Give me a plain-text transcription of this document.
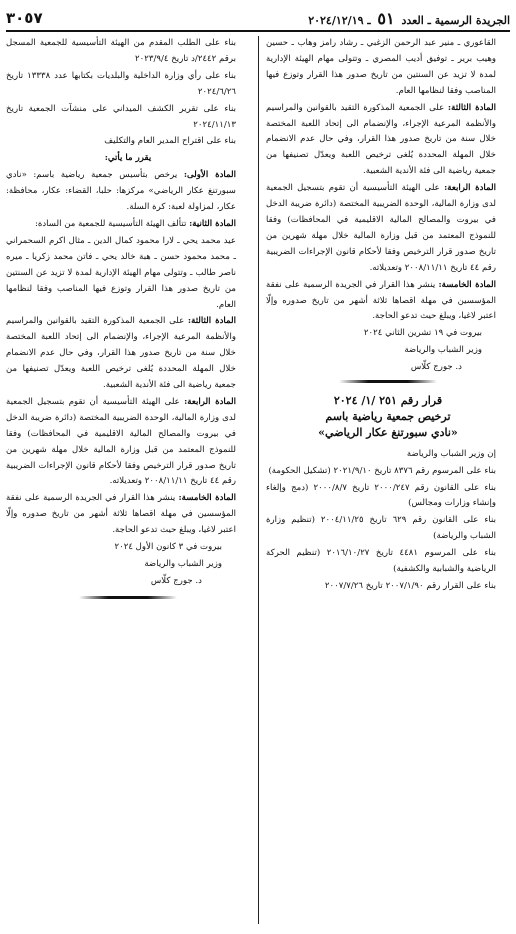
الجريدة الرسمية ـ العدد ٥١ ـ ٢٠٢٤/١٢/١٩
٣٠٥٧

القاعوري ـ منير عبد الرحمن الزغبي ـ رشاد رامز وهاب ـ حسين وهيب برير ـ توفيق أديب المصري ـ وتتولى مهام الهيئة الإدارية لمدة لا تزيد عن السنتين من تاريخ صدور هذا القرار وتوزع فيها المناصب وفقا لنظامها العام.

المادة الثالثة: على الجمعية المذكورة التقيد بالقوانين والمراسيم والأنظمة المرعية الإجراء، والإنضمام الى إتحاد اللعبة المختصة خلال سنة من تاريخ صدور هذا القرار، وفي حال عدم الانضمام خلال المهلة المحددة يُلغى ترخيص اللعبة ويعدّل تصنيفها من جمعية رياضية الى فئة الأندية الشعبية.

المادة الرابعة: على الهيئة التأسيسية أن تقوم بتسجيل الجمعية لدى وزارة المالية، الوحدة الضريبية المختصة (دائرة ضريبة الدخل في بيروت والمصالح المالية الاقليمية في المحافظات) وفقا للنموذج المعتمد من قبل وزارة المالية خلال مهلة شهرين من تاريخ صدور قرار الترخيص وفقا لأحكام قانون الإجراءات الضريبية رقم ٤٤ تاريخ ٢٠٠٨/١١/١١ وتعديلاته.

المادة الخامسة: ينشر هذا القرار في الجريدة الرسمية على نفقة المؤسسين في مهلة اقصاها ثلاثة أشهر من تاريخ صدوره وإلّا اعتبر لاغيا، ويبلغ حيث تدعو الحاجة.

بيروت في ١٩ تشرين الثاني ٢٠٢٤

وزير الشباب والرياضة

د. جورج كلّاس

قرار رقم ٢٥١ /١/ ٢٠٢٤
ترخيص جمعية رياضية باسم
«نادي سبورتنغ عكار الرياضي»

إن وزير الشباب والرياضة

بناء على المرسوم رقم ٨٣٧٦ تاريخ ٢٠٢١/٩/١٠ (تشكيل الحكومة)

بناء على القانون رقم ٢٠٠٠/٢٤٧ تاريخ ٢٠٠٠/٨/٧ (دمج وإلغاء وإنشاء وزارات ومجالس)

بناء على القانون رقم ٦٢٩ تاريخ ٢٠٠٤/١١/٢٥ (تنظيم وزارة الشباب والرياضة)

بناء على المرسوم ٤٤٨١ تاريخ ٢٠١٦/١٠/٢٧ (تنظيم الحركة الرياضية والشبابية والكشفية)

بناء على القرار رقم ٢٠٠٧/١/٩٠ تاريخ ٢٠٠٧/٧/٢٦

بناء على الطلب المقدم من الهيئة التأسيسية للجمعية المسجل برقم ٢٤٤٢/د تاريخ ٢٠٢٣/٩/٤

بناء على رأي وزارة الداخلية والبلديات بكتابها عدد ١٣٣٣٨ تاريخ ٢٠٢٤/٦/٢٦

بناء على تقرير الكشف الميداني على منشآت الجمعية تاريخ ٢٠٢٤/١١/١٣

بناء على اقتراح المدير العام والتكليف

يقرر ما يأتي:

المادة الأولى: يرخص بتأسيس جمعية رياضية باسم: «نادي سبورتنغ عكار الرياضي» مركزها: حلبا، القضاء: عكار، محافظة: عكار، لمزاولة لعبة: كرة السلة.

المادة الثانية: تتألف الهيئة التأسيسية للجمعية من السادة:

عيد محمد يحي ـ لارا محمود كمال الدين ـ مثال اكرم السحمراني ـ محمد محمود حسن ـ هبة خالد يحي ـ فاتن محمد زكريا ـ ميره ناصر طالب ـ وتتولى مهام الهيئة الإدارية لمدة لا تزيد عن السنتين من تاريخ صدور هذا القرار وتوزع فيها المناصب وفقا لنظامها العام.

المادة الثالثة: على الجمعية المذكورة التقيد بالقوانين والمراسيم والأنظمة المرعية الإجراء، والإنضمام الى إتحاد اللعبة المختصة خلال سنة من تاريخ صدور هذا القرار، وفي حال عدم الانضمام خلال المهلة المحددة يُلغى ترخيص اللعبة ويعدّل تصنيفها من جمعية رياضية الى فئة الأندية الشعبية.

المادة الرابعة: على الهيئة التأسيسية أن تقوم بتسجيل الجمعية لدى وزارة المالية، الوحدة الضريبية المختصة (دائرة ضريبة الدخل في بيروت والمصالح المالية الاقليمية في المحافظات) وفقا للنموذج المعتمد من قبل وزارة المالية خلال مهلة شهرين من تاريخ صدور قرار الترخيص وفقا لأحكام قانون الإجراءات الضريبية رقم ٤٤ تاريخ ٢٠٠٨/١١/١١ وتعديلاته.

المادة الخامسة: ينشر هذا القرار في الجريدة الرسمية على نفقة المؤسسين في مهلة اقصاها ثلاثة أشهر من تاريخ صدوره وإلّا اعتبر لاغيا، ويبلغ حيث تدعو الحاجة.

بيروت في ٣ كانون الأول ٢٠٢٤

وزير الشباب والرياضة

د. جورج كلّاس
